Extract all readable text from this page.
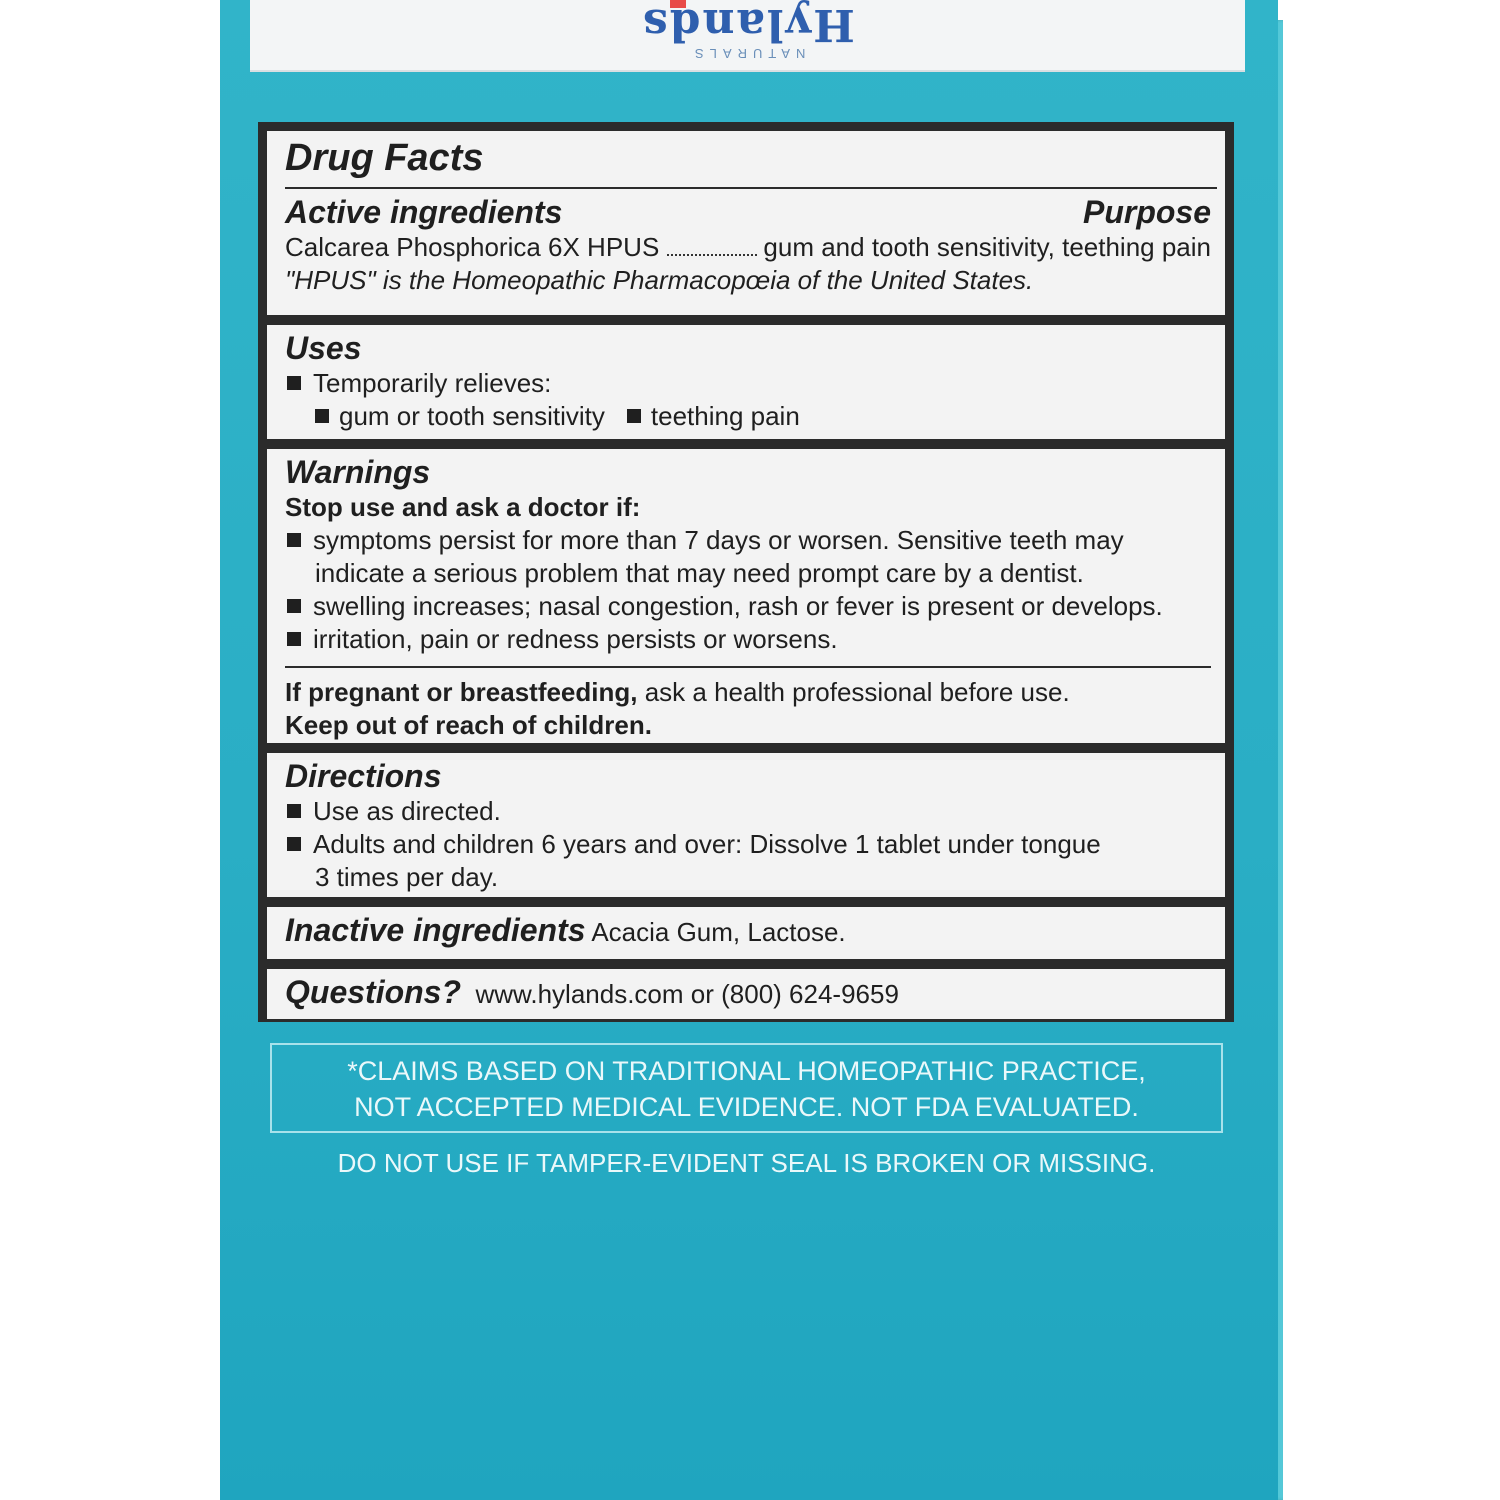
NATURALS
Hylands
Drug Facts
Active ingredients	Purpose
Calcarea Phosphorica 6X HPUS	gum and tooth sensitivity, teething pain
"HPUS" is the Homeopathic Pharmacopœia of the United States.
Uses
Temporarily relieves:
gum or tooth sensitivity teething pain
Warnings
Stop use and ask a doctor if:
symptoms persist for more than 7 days or worsen. Sensitive teeth may
indicate a serious problem that may need prompt care by a dentist.
swelling increases; nasal congestion, rash or fever is present or develops.
irritation, pain or redness persists or worsens.
If pregnant or breastfeeding, ask a health professional before use.
Keep out of reach of children.
Directions
Use as directed.
Adults and children 6 years and over: Dissolve 1 tablet under tongue
3 times per day.
Inactive ingredients Acacia Gum, Lactose.
Questions? www.hylands.com or (800) 624-9659
*CLAIMS BASED ON TRADITIONAL HOMEOPATHIC PRACTICE,
NOT ACCEPTED MEDICAL EVIDENCE. NOT FDA EVALUATED.
DO NOT USE IF TAMPER-EVIDENT SEAL IS BROKEN OR MISSING.
